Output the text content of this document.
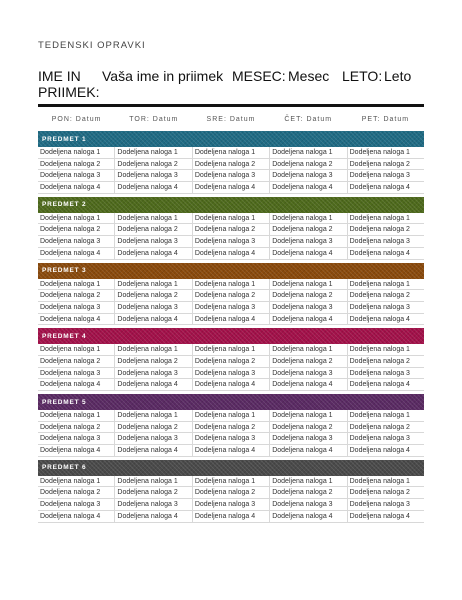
TEDENSKI OPRAVKI
IME IN PRIIMEK:
Vaša ime in priimek MESEC: Mesec LETO: Leto
PON: Datum	TOR: Datum	SRE: Datum	ČET: Datum	PET: Datum
PREDMET 1
Dodeljena naloga 1	Dodeljena naloga 1	Dodeljena naloga 1	Dodeljena naloga 1	Dodeljena naloga 1
Dodeljena naloga 2	Dodeljena naloga 2	Dodeljena naloga 2	Dodeljena naloga 2	Dodeljena naloga 2
Dodeljena naloga 3	Dodeljena naloga 3	Dodeljena naloga 3	Dodeljena naloga 3	Dodeljena naloga 3
Dodeljena naloga 4	Dodeljena naloga 4	Dodeljena naloga 4	Dodeljena naloga 4	Dodeljena naloga 4
PREDMET 2
Dodeljena naloga 1	Dodeljena naloga 1	Dodeljena naloga 1	Dodeljena naloga 1	Dodeljena naloga 1
Dodeljena naloga 2	Dodeljena naloga 2	Dodeljena naloga 2	Dodeljena naloga 2	Dodeljena naloga 2
Dodeljena naloga 3	Dodeljena naloga 3	Dodeljena naloga 3	Dodeljena naloga 3	Dodeljena naloga 3
Dodeljena naloga 4	Dodeljena naloga 4	Dodeljena naloga 4	Dodeljena naloga 4	Dodeljena naloga 4
PREDMET 3
Dodeljena naloga 1	Dodeljena naloga 1	Dodeljena naloga 1	Dodeljena naloga 1	Dodeljena naloga 1
Dodeljena naloga 2	Dodeljena naloga 2	Dodeljena naloga 2	Dodeljena naloga 2	Dodeljena naloga 2
Dodeljena naloga 3	Dodeljena naloga 3	Dodeljena naloga 3	Dodeljena naloga 3	Dodeljena naloga 3
Dodeljena naloga 4	Dodeljena naloga 4	Dodeljena naloga 4	Dodeljena naloga 4	Dodeljena naloga 4
PREDMET 4
Dodeljena naloga 1	Dodeljena naloga 1	Dodeljena naloga 1	Dodeljena naloga 1	Dodeljena naloga 1
Dodeljena naloga 2	Dodeljena naloga 2	Dodeljena naloga 2	Dodeljena naloga 2	Dodeljena naloga 2
Dodeljena naloga 3	Dodeljena naloga 3	Dodeljena naloga 3	Dodeljena naloga 3	Dodeljena naloga 3
Dodeljena naloga 4	Dodeljena naloga 4	Dodeljena naloga 4	Dodeljena naloga 4	Dodeljena naloga 4
PREDMET 5
Dodeljena naloga 1	Dodeljena naloga 1	Dodeljena naloga 1	Dodeljena naloga 1	Dodeljena naloga 1
Dodeljena naloga 2	Dodeljena naloga 2	Dodeljena naloga 2	Dodeljena naloga 2	Dodeljena naloga 2
Dodeljena naloga 3	Dodeljena naloga 3	Dodeljena naloga 3	Dodeljena naloga 3	Dodeljena naloga 3
Dodeljena naloga 4	Dodeljena naloga 4	Dodeljena naloga 4	Dodeljena naloga 4	Dodeljena naloga 4
PREDMET 6
Dodeljena naloga 1	Dodeljena naloga 1	Dodeljena naloga 1	Dodeljena naloga 1	Dodeljena naloga 1
Dodeljena naloga 2	Dodeljena naloga 2	Dodeljena naloga 2	Dodeljena naloga 2	Dodeljena naloga 2
Dodeljena naloga 3	Dodeljena naloga 3	Dodeljena naloga 3	Dodeljena naloga 3	Dodeljena naloga 3
Dodeljena naloga 4	Dodeljena naloga 4	Dodeljena naloga 4	Dodeljena naloga 4	Dodeljena naloga 4
